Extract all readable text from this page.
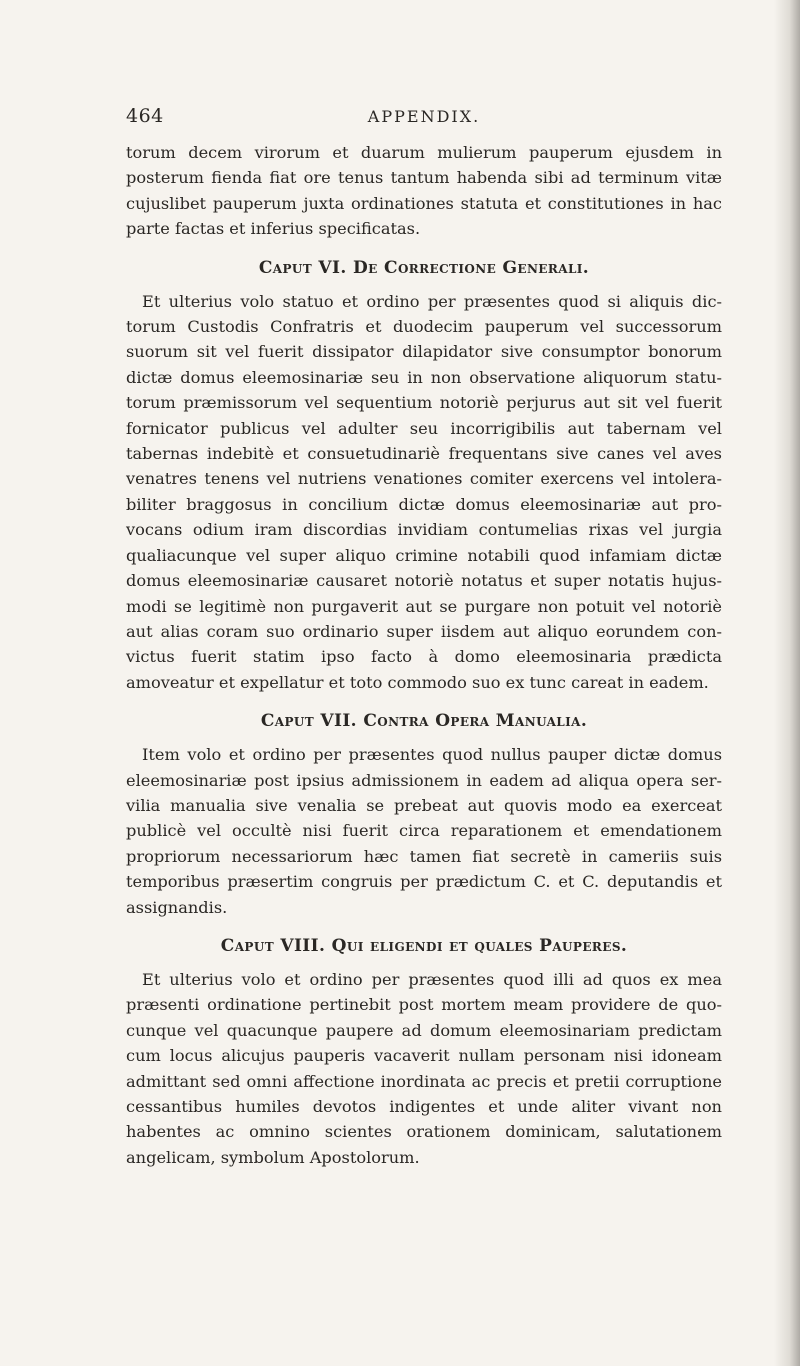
464	APPENDIX.

torum decem virorum et duarum mulierum pauperum ejusdem in posterum fienda fiat ore tenus tantum habenda sibi ad terminum vitæ cujuslibet pauperum juxta ordinationes statuta et constitutiones in hac parte factas et inferius specificatas.

Caput VI. De Correctione Generali.

Et ulterius volo statuo et ordino per præsentes quod si aliquis dictorum Custodis Confratris et duodecim pauperum vel successorum suorum sit vel fuerit dissipator dilapidator sive consumptor bonorum dictæ domus eleemosinariæ seu in non observatione aliquorum statutorum præmissorum vel sequentium notoriè perjurus aut sit vel fuerit fornicator publicus vel adulter seu incorrigibilis aut tabernam vel tabernas indebitè et consuetudinariè frequentans sive canes vel aves venatres tenens vel nutriens venationes comiter exercens vel intolerabiliter braggosus in concilium dictæ domus eleemosinariæ aut provocans odium iram discordias invidiam contumelias rixas vel jurgia qualiacunque vel super aliquo crimine notabili quod infamiam dictæ domus eleemosinariæ causaret notoriè notatus et super notatis hujusmodi se legitimè non purgaverit aut se purgare non potuit vel notoriè aut alias coram suo ordinario super iisdem aut aliquo eorundem convictus fuerit statim ipso facto à domo eleemosinaria prædicta amoveatur et expellatur et toto commodo suo ex tunc careat in eadem.

Caput VII. Contra Opera Manualia.

Item volo et ordino per præsentes quod nullus pauper dictæ domus eleemosinariæ post ipsius admissionem in eadem ad aliqua opera servilia manualia sive venalia se prebeat aut quovis modo ea exerceat publicè vel occultè nisi fuerit circa reparationem et emendationem propriorum necessariorum hæc tamen fiat secretè in cameriis suis temporibus præsertim congruis per prædictum C. et C. deputandis et assignandis.

Caput VIII. Qui eligendi et quales Pauperes.

Et ulterius volo et ordino per præsentes quod illi ad quos ex mea præsenti ordinatione pertinebit post mortem meam providere de quocunque vel quacunque paupere ad domum eleemosinariam predictam cum locus alicujus pauperis vacaverit nullam personam nisi idoneam admittant sed omni affectione inordinata ac precis et pretii corruptione cessantibus humiles devotos indigentes et unde aliter vivant non habentes ac omnino scientes orationem dominicam, salutationem angelicam, symbolum Apostolorum.
